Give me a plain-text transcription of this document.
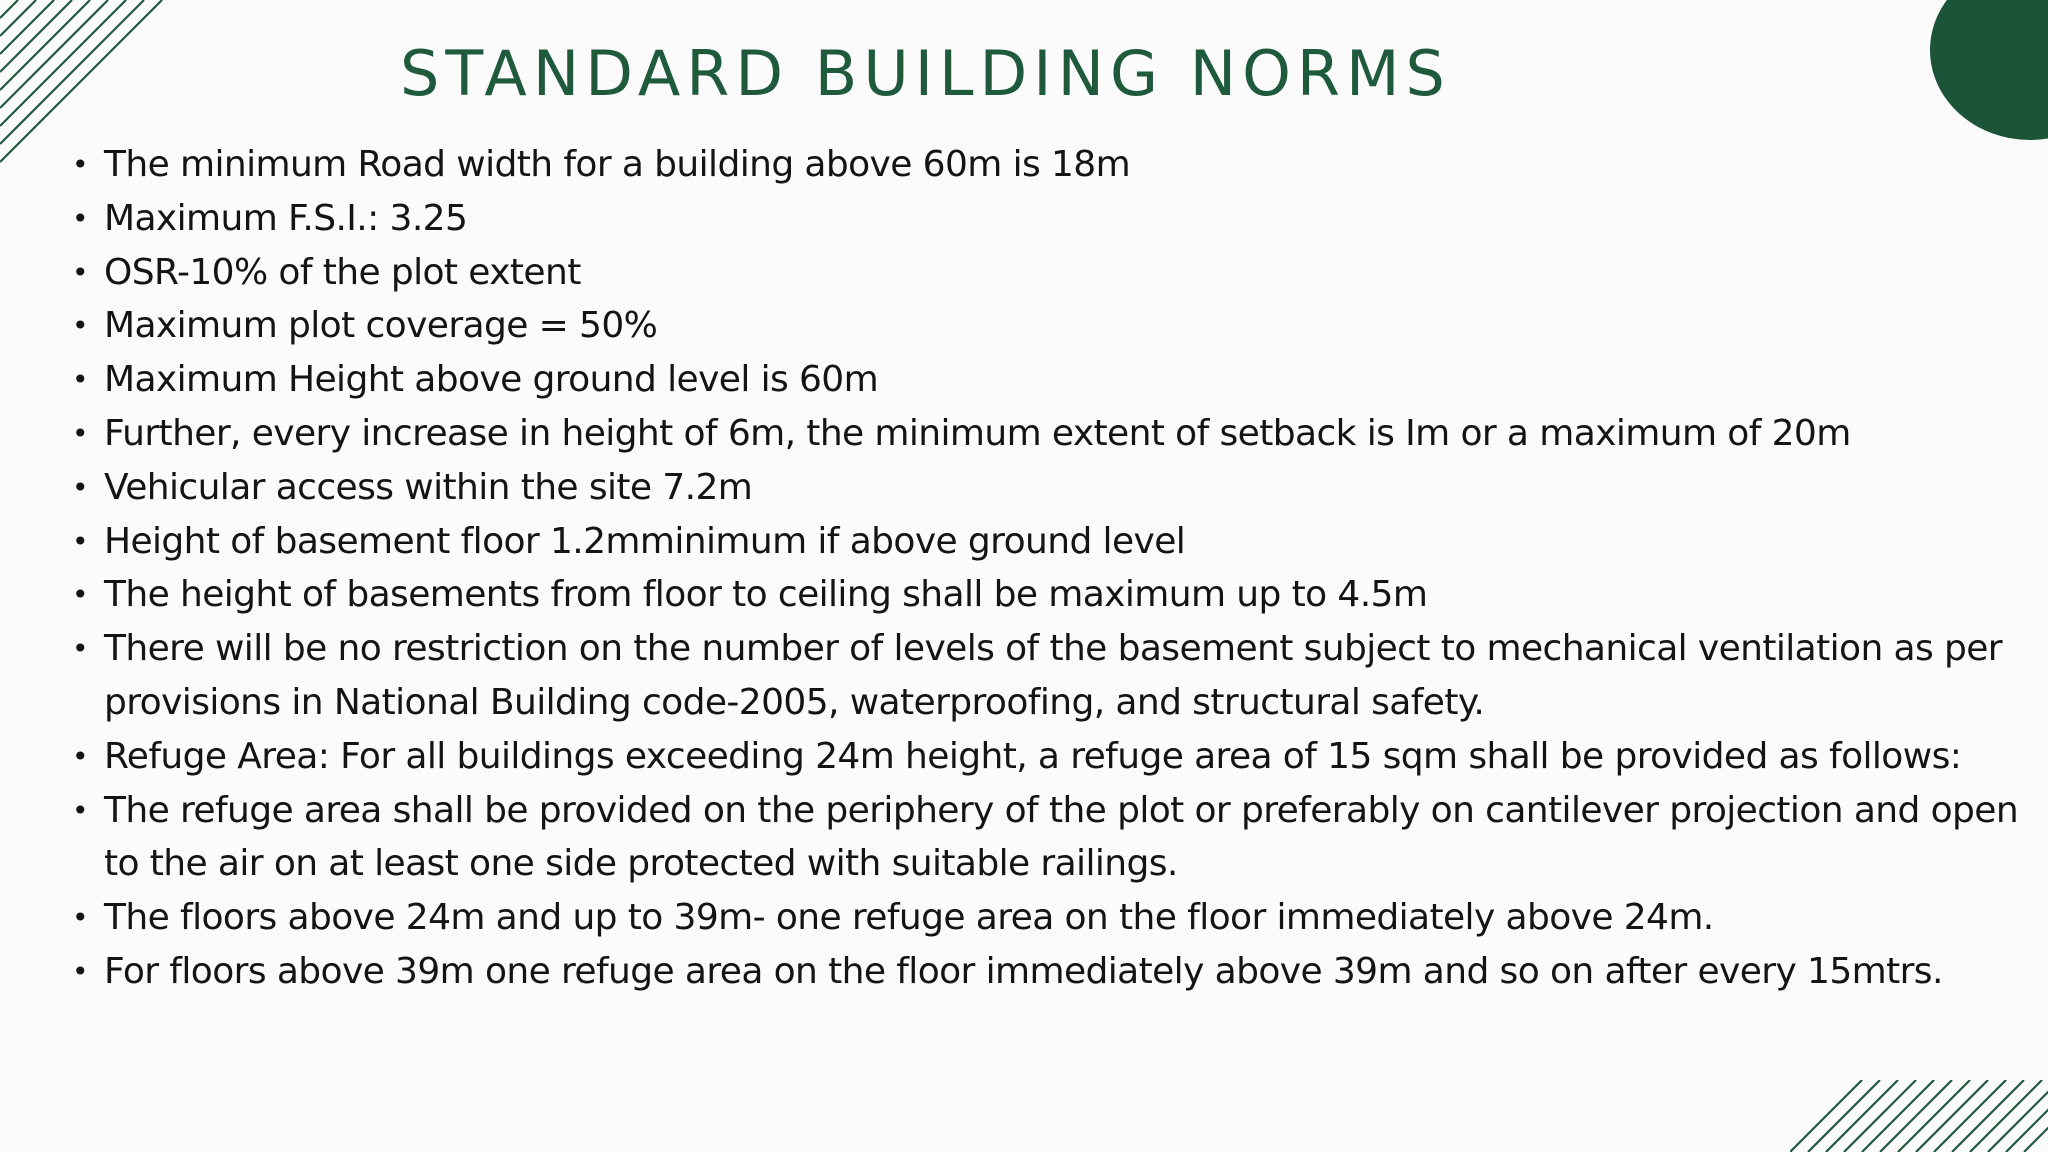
STANDARD BUILDING NORMS
• The minimum Road width for a building above 60m is 18m
• Maximum F.S.I.: 3.25
• OSR-10% of the plot extent
• Maximum plot coverage = 50%
• Maximum Height above ground level is 60m
• Further, every increase in height of 6m, the minimum extent of setback is Im or a maximum of 20m
• Vehicular access within the site 7.2m
• Height of basement floor 1.2mminimum if above ground level
• The height of basements from floor to ceiling shall be maximum up to 4.5m
• There will be no restriction on the number of levels of the basement subject to mechanical ventilation as per provisions in National Building code-2005, waterproofing, and structural safety.
• Refuge Area: For all buildings exceeding 24m height, a refuge area of 15 sqm shall be provided as follows:
• The refuge area shall be provided on the periphery of the plot or preferably on cantilever projection and open to the air on at least one side protected with suitable railings.
• The floors above 24m and up to 39m- one refuge area on the floor immediately above 24m.
• For floors above 39m one refuge area on the floor immediately above 39m and so on after every 15mtrs.
